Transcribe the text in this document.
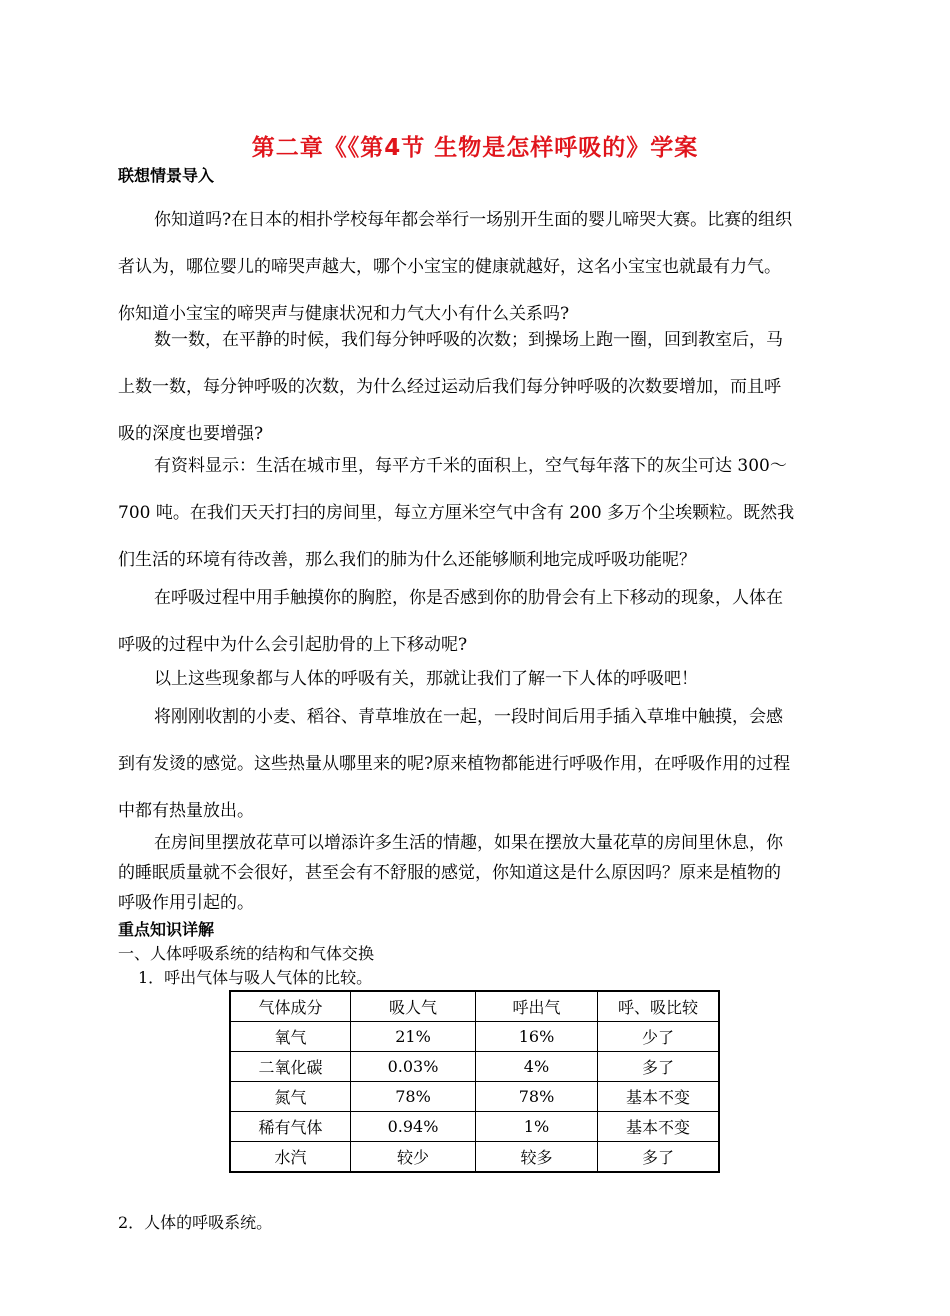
第二章《《第4节 生物是怎样呼吸的》学案
联想情景导入
你知道吗?在日本的相扑学校每年都会举行一场别开生面的婴儿啼哭大赛。比赛的组织
者认为，哪位婴儿的啼哭声越大，哪个小宝宝的健康就越好，这名小宝宝也就最有力气。
你知道小宝宝的啼哭声与健康状况和力气大小有什么关系吗?
数一数，在平静的时候，我们每分钟呼吸的次数；到操场上跑一圈，回到教室后，马
上数一数，每分钟呼吸的次数，为什么经过运动后我们每分钟呼吸的次数要增加，而且呼
吸的深度也要增强?
有资料显示：生活在城市里，每平方千米的面积上，空气每年落下的灰尘可达 300～
700 吨。在我们天天打扫的房间里，每立方厘米空气中含有 200 多万个尘埃颗粒。既然我
们生活的环境有待改善，那么我们的肺为什么还能够顺利地完成呼吸功能呢？
在呼吸过程中用手触摸你的胸腔，你是否感到你的肋骨会有上下移动的现象，人体在
呼吸的过程中为什么会引起肋骨的上下移动呢?
以上这些现象都与人体的呼吸有关，那就让我们了解一下人体的呼吸吧！
将刚刚收割的小麦、稻谷、青草堆放在一起，一段时间后用手插入草堆中触摸，会感
到有发烫的感觉。这些热量从哪里来的呢?原来植物都能进行呼吸作用，在呼吸作用的过程
中都有热量放出。
在房间里摆放花草可以增添许多生活的情趣，如果在摆放大量花草的房间里休息，你
的睡眠质量就不会很好，甚至会有不舒服的感觉，你知道这是什么原因吗？原来是植物的
呼吸作用引起的。
重点知识详解
一、人体呼吸系统的结构和气体交换
1．呼出气体与吸人气体的比较。
气体成分	吸人气	呼出气	呼、吸比较
氧气	21%	16%	少了
二氧化碳	0.03%	4%	多了
氮气	78%	78%	基本不变
稀有气体	0.94%	1%	基本不变
水汽	较少	较多	多了
2．人体的呼吸系统。
